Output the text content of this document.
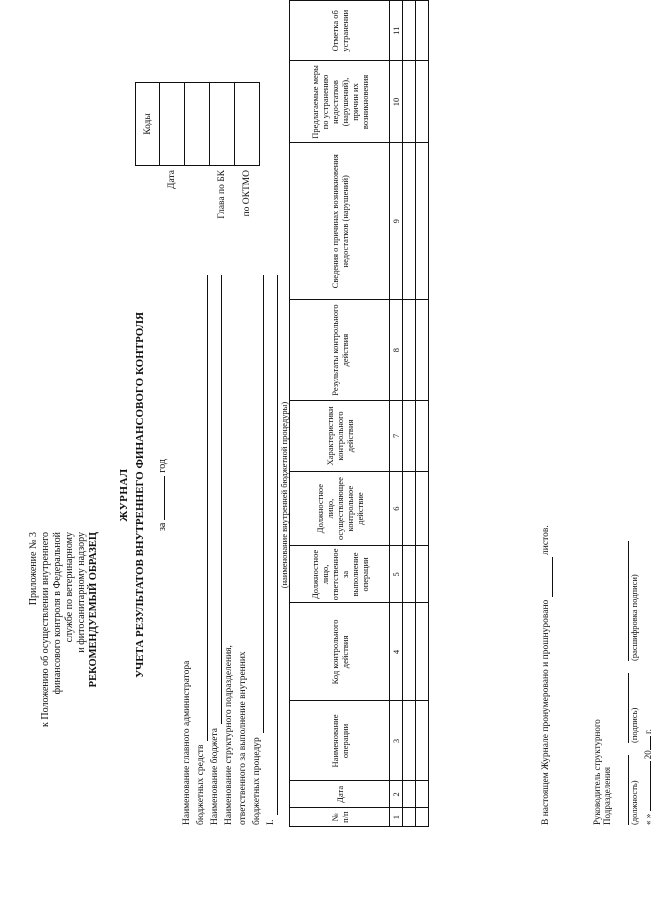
Приложение № 3 к Положению об осуществлении внутреннего финансового контроля в Федеральной службе по ветеринарному и фитосанитарному надзору РЕКОМЕНДУЕМЫЙ ОБРАЗЕЦ
ЖУРНАЛ УЧЕТА РЕЗУЛЬТАТОВ ВНУТРЕННЕГО ФИНАНСОВОГО КОНТРОЛЯ загод
	Коды
Дата	

Глава по БК	
по ОКТМО	
Наименование главного администратора бюджетных средств Наименование бюджета Наименование структурного подразделения, ответственного за выполнение внутренних бюджетных процедур I.
(наименование внутренней бюджетной процедуры)
№ п/п	Дата	Наименование операции	Код контрольного действия	Должностное лицо, ответственное за выполнение операции	Должностное лицо, осуществляющее контрольное действие	Характеристики контрольного действия	Результаты контрольного действия	Сведения о причинах возникновения недостатков (нарушений)	Предлагаемые меры по устранению недостатков (нарушений), причин их возникновения	Отметка об устранении
1	2	3	4	5	6	7	8	9	10	11

В настоящем Журнале пронумеровано и прошнуровано  листов.
Руководитель структурного Подразделения (должность)
(подпись)
(расшифровка подписи)
« »  20 г.
